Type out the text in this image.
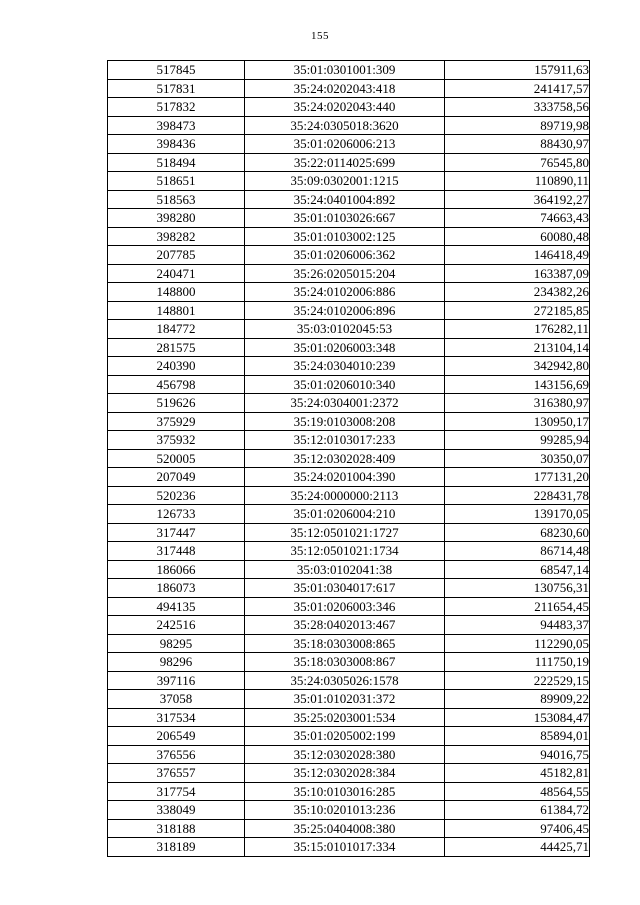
155
517845	35:01:0301001:309	157911,63
517831	35:24:0202043:418	241417,57
517832	35:24:0202043:440	333758,56
398473	35:24:0305018:3620	89719,98
398436	35:01:0206006:213	88430,97
518494	35:22:0114025:699	76545,80
518651	35:09:0302001:1215	110890,11
518563	35:24:0401004:892	364192,27
398280	35:01:0103026:667	74663,43
398282	35:01:0103002:125	60080,48
207785	35:01:0206006:362	146418,49
240471	35:26:0205015:204	163387,09
148800	35:24:0102006:886	234382,26
148801	35:24:0102006:896	272185,85
184772	35:03:0102045:53	176282,11
281575	35:01:0206003:348	213104,14
240390	35:24:0304010:239	342942,80
456798	35:01:0206010:340	143156,69
519626	35:24:0304001:2372	316380,97
375929	35:19:0103008:208	130950,17
375932	35:12:0103017:233	99285,94
520005	35:12:0302028:409	30350,07
207049	35:24:0201004:390	177131,20
520236	35:24:0000000:2113	228431,78
126733	35:01:0206004:210	139170,05
317447	35:12:0501021:1727	68230,60
317448	35:12:0501021:1734	86714,48
186066	35:03:0102041:38	68547,14
186073	35:01:0304017:617	130756,31
494135	35:01:0206003:346	211654,45
242516	35:28:0402013:467	94483,37
98295	35:18:0303008:865	112290,05
98296	35:18:0303008:867	111750,19
397116	35:24:0305026:1578	222529,15
37058	35:01:0102031:372	89909,22
317534	35:25:0203001:534	153084,47
206549	35:01:0205002:199	85894,01
376556	35:12:0302028:380	94016,75
376557	35:12:0302028:384	45182,81
317754	35:10:0103016:285	48564,55
338049	35:10:0201013:236	61384,72
318188	35:25:0404008:380	97406,45
318189	35:15:0101017:334	44425,71
